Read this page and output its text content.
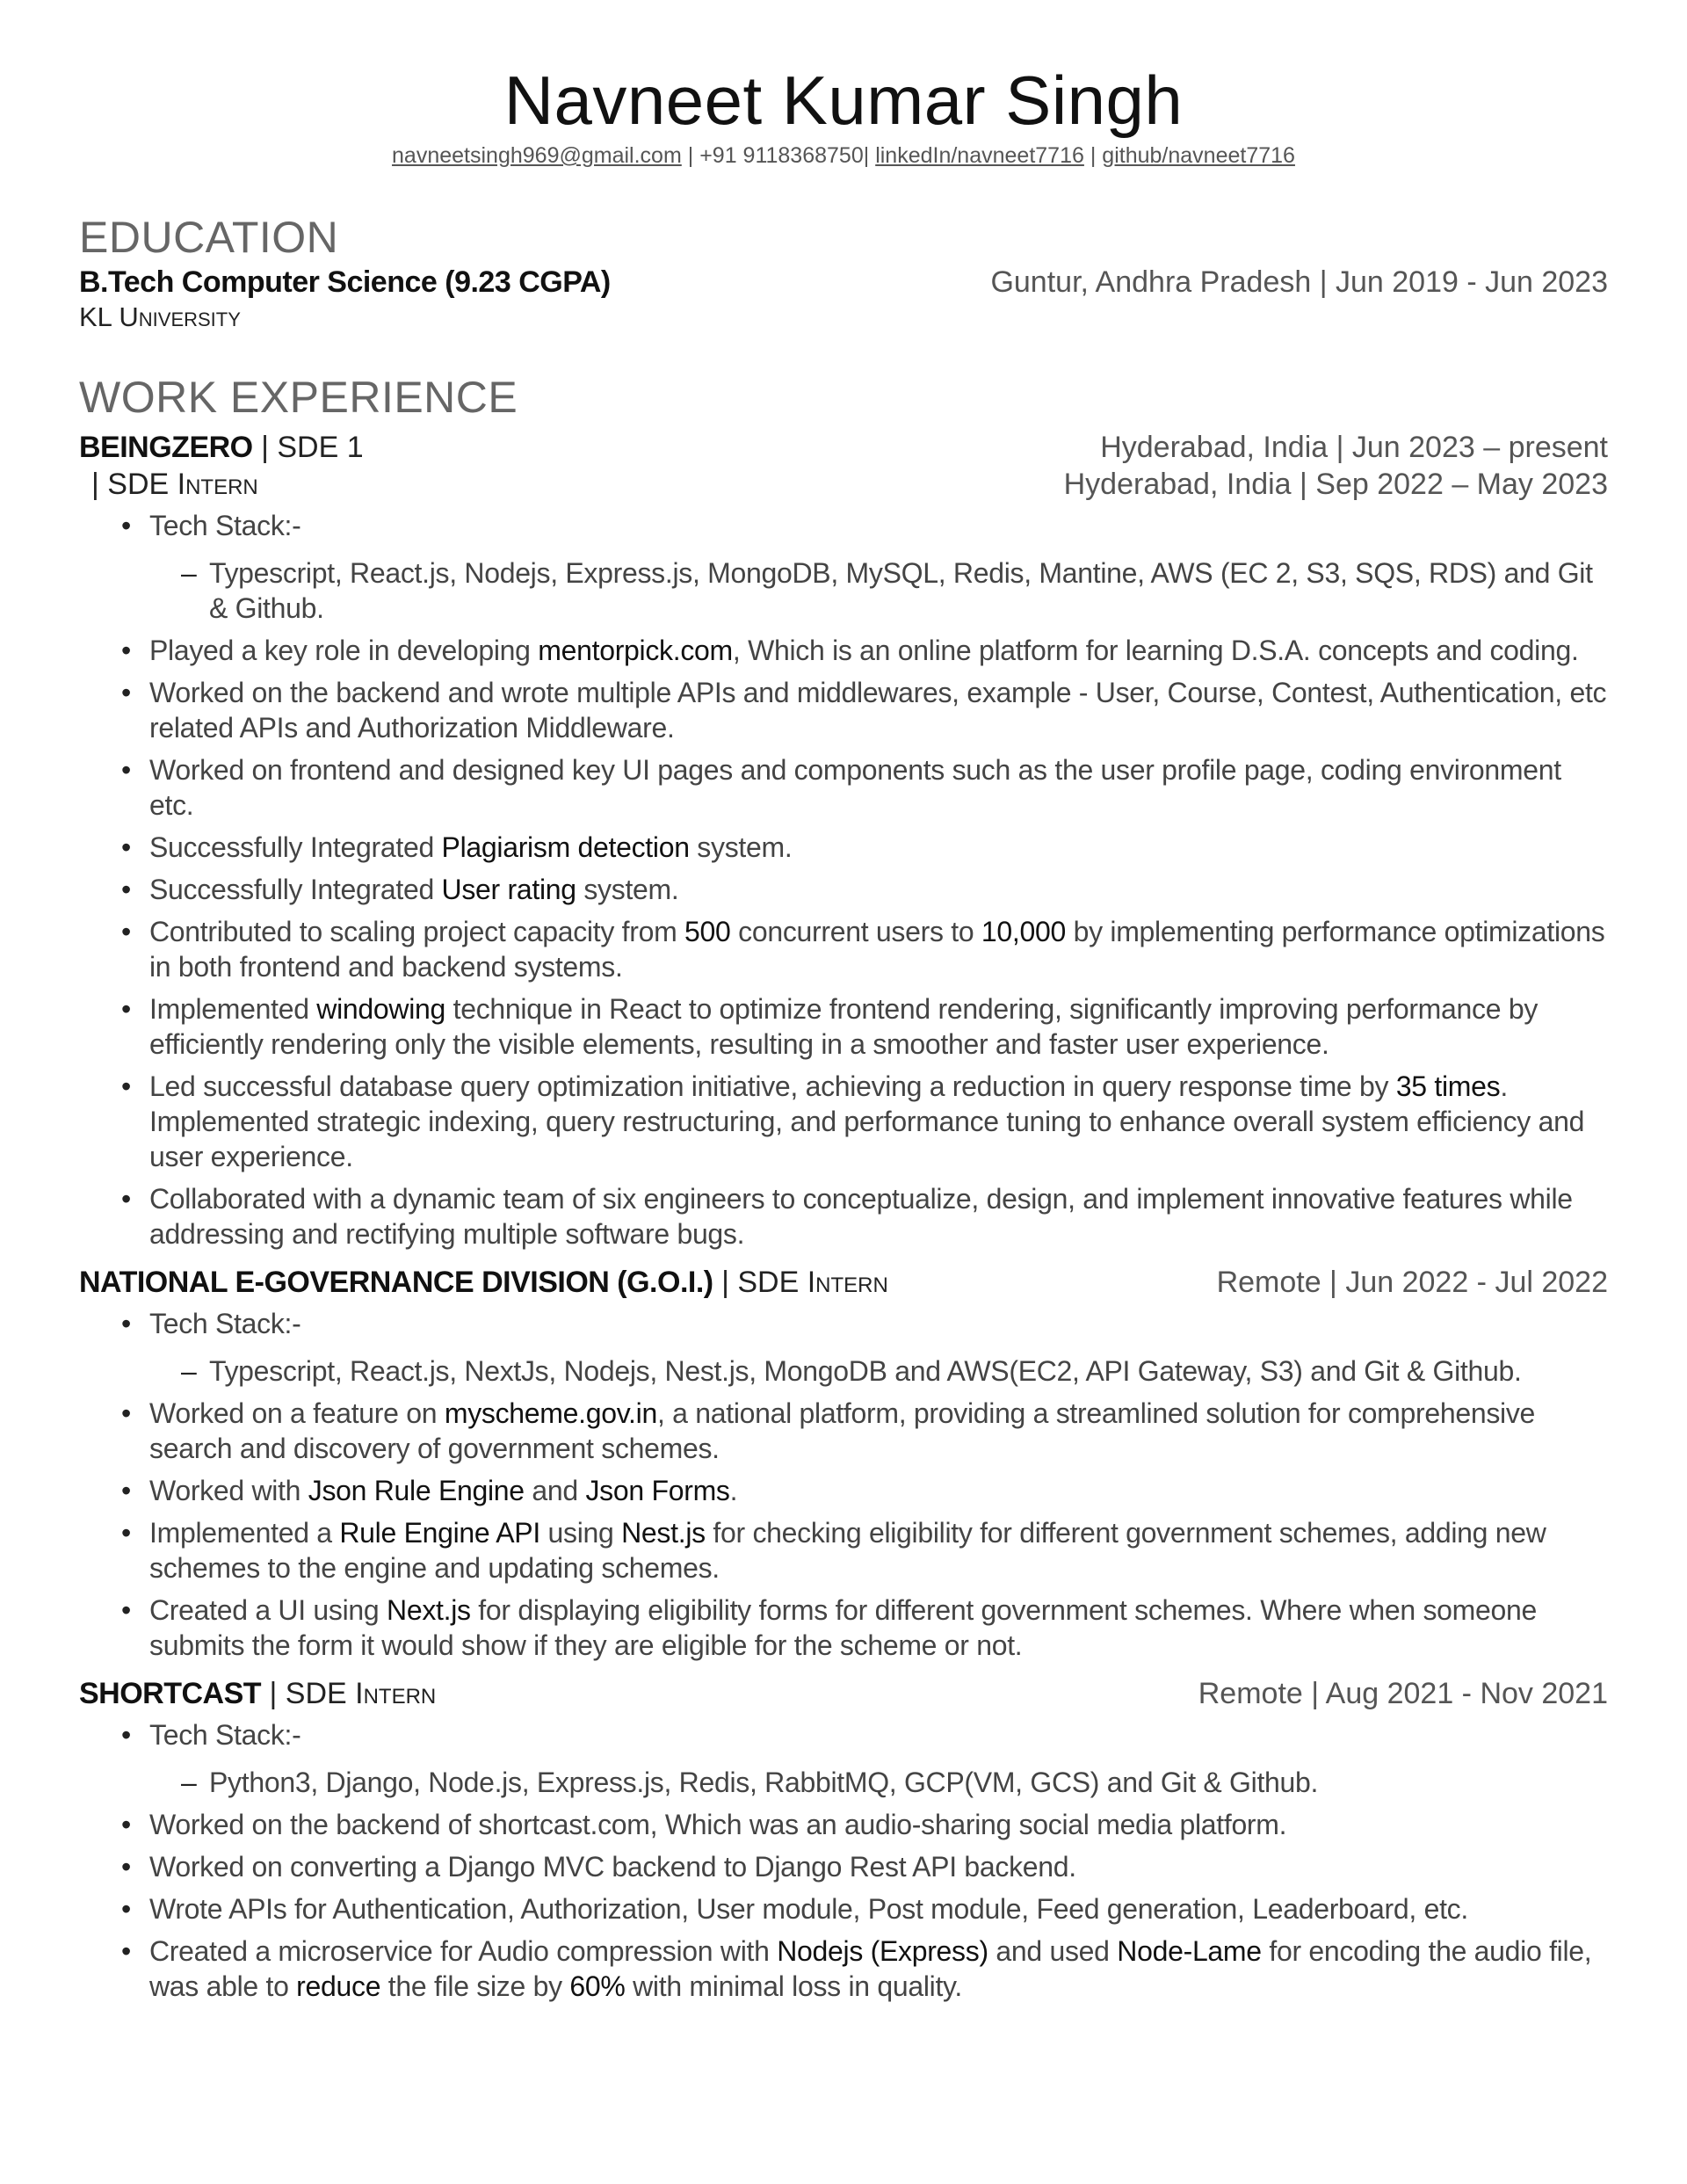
Navneet Kumar Singh
navneetsingh969@gmail.com | +91 9118368750| linkedIn/navneet7716 | github/navneet7716
EDUCATION
B.Tech Computer Science (9.23 CGPA)	Guntur, Andhra Pradesh | Jun 2019 - Jun 2023
KL University
WORK EXPERIENCE
BEINGZERO | SDE 1	Hyderabad, India | Jun 2023 – present
| SDE Intern	Hyderabad, India | Sep 2022 – May 2023
• Tech Stack:-
– Typescript, React.js, Nodejs, Express.js, MongoDB, MySQL, Redis, Mantine, AWS (EC 2, S3, SQS, RDS) and Git & Github.
• Played a key role in developing mentorpick.com, Which is an online platform for learning D.S.A. concepts and coding.
• Worked on the backend and wrote multiple APIs and middlewares, example - User, Course, Contest, Authentication, etc related APIs and Authorization Middleware.
• Worked on frontend and designed key UI pages and components such as the user profile page, coding environment etc.
• Successfully Integrated Plagiarism detection system.
• Successfully Integrated User rating system.
• Contributed to scaling project capacity from 500 concurrent users to 10,000 by implementing performance optimizations in both frontend and backend systems.
• Implemented windowing technique in React to optimize frontend rendering, significantly improving performance by efficiently rendering only the visible elements, resulting in a smoother and faster user experience.
• Led successful database query optimization initiative, achieving a reduction in query response time by 35 times. Implemented strategic indexing, query restructuring, and performance tuning to enhance overall system efficiency and user experience.
• Collaborated with a dynamic team of six engineers to conceptualize, design, and implement innovative features while addressing and rectifying multiple software bugs.
NATIONAL E-GOVERNANCE DIVISION (G.O.I.) | SDE Intern	Remote | Jun 2022 - Jul 2022
• Tech Stack:-
– Typescript, React.js, NextJs, Nodejs, Nest.js, MongoDB and AWS(EC2, API Gateway, S3) and Git & Github.
• Worked on a feature on myscheme.gov.in, a national platform, providing a streamlined solution for comprehensive search and discovery of government schemes.
• Worked with Json Rule Engine and Json Forms.
• Implemented a Rule Engine API using Nest.js for checking eligibility for different government schemes, adding new schemes to the engine and updating schemes.
• Created a UI using Next.js for displaying eligibility forms for different government schemes. Where when someone submits the form it would show if they are eligible for the scheme or not.
SHORTCAST | SDE Intern	Remote | Aug 2021 - Nov 2021
• Tech Stack:-
– Python3, Django, Node.js, Express.js, Redis, RabbitMQ, GCP(VM, GCS) and Git & Github.
• Worked on the backend of shortcast.com, Which was an audio-sharing social media platform.
• Worked on converting a Django MVC backend to Django Rest API backend.
• Wrote APIs for Authentication, Authorization, User module, Post module, Feed generation, Leaderboard, etc.
• Created a microservice for Audio compression with Nodejs (Express) and used Node-Lame for encoding the audio file, was able to reduce the file size by 60% with minimal loss in quality.
